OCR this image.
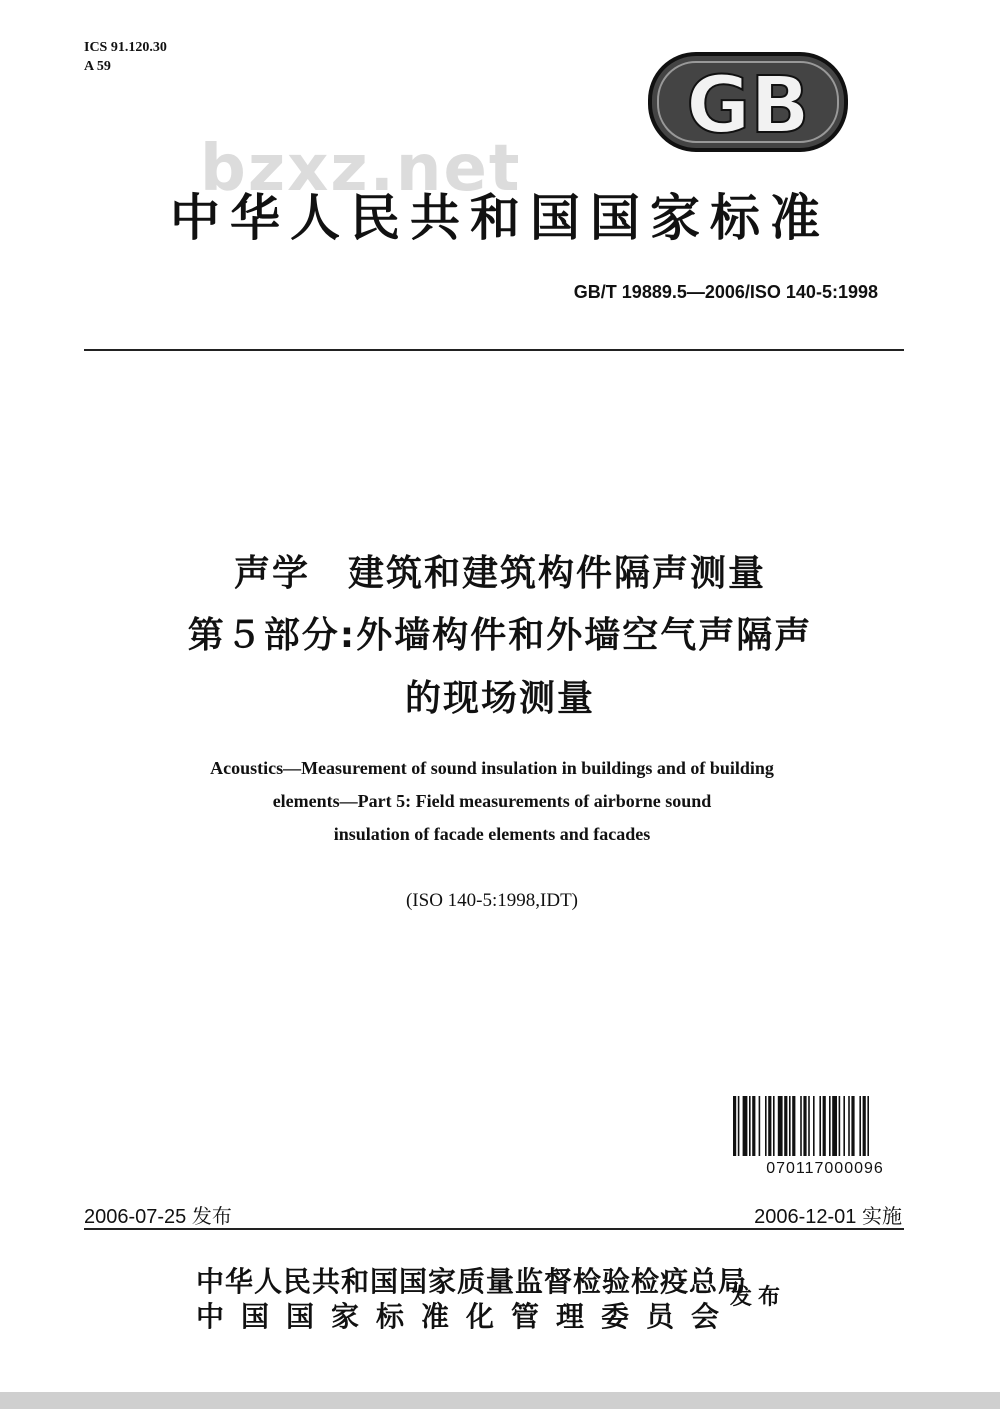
ICS 91.120.30
A 59	GB
bzxz.net
中华人民共和国国家标准
GB/T 19889.5—2006/ISO 140-5:1998
声学　建筑和建筑构件隔声测量
第５部分:外墙构件和外墙空气声隔声
的现场测量
Acoustics—Measurement of sound insulation in buildings and of building
elements—Part 5: Field measurements of airborne sound
insulation of facade elements and facades
(ISO 140-5:1998,IDT)
070117000096
2006-07-25 发布	2006-12-01 实施
中华人民共和国国家质量监督检验检疫总局
中国国家标准化管理委员会
发布
